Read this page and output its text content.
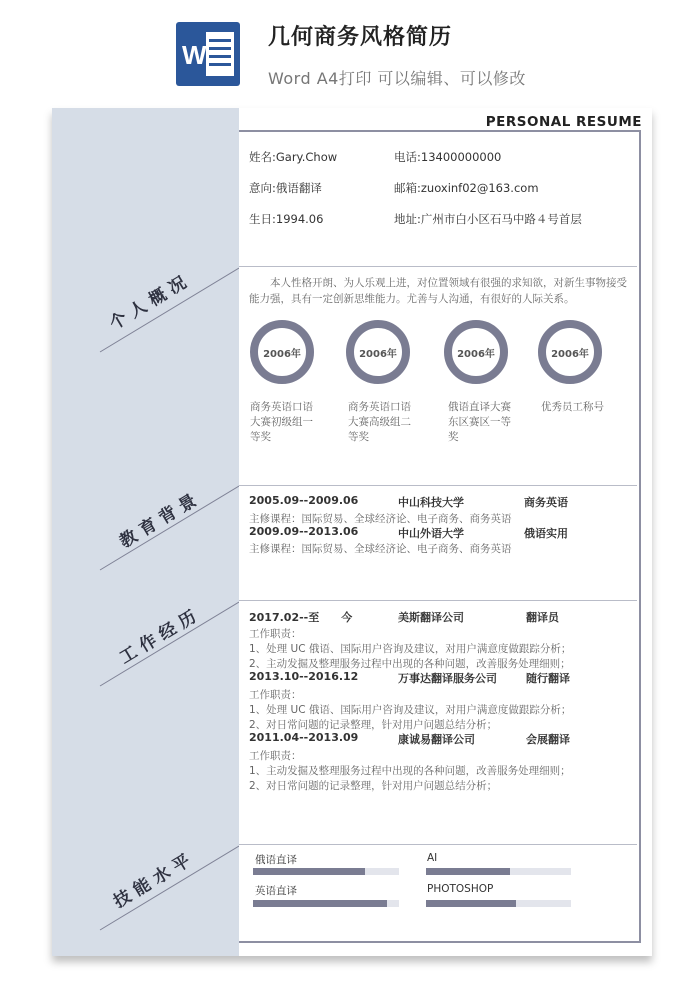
W
几何商务风格简历
Word A4打印 可以编辑、可以修改
个 人 概 况
教 育 背 景
工 作 经 历
技 能 水 平
PERSONAL RESUME
姓名:Gary.Chow	电话:13400000000
意向:俄语翻译	邮箱:zuoxinf02@163.com
生日:1994.06	地址:广州市白小区石马中路４号首层
本人性格开朗、为人乐观上进，对位置领域有很强的求知欲，对新生事物接受能力强，具有一定创新思维能力。尤善与人沟通，有很好的人际关系。
2006年	2006年	2006年	2006年
商务英语口语大赛初级组一等奖
商务英语口语大赛高级组二等奖
俄语直译大赛东区赛区一等奖
优秀员工称号
2005.09--2009.06	中山科技大学	商务英语
主修课程：国际贸易、全球经济论、电子商务、商务英语
2009.09--2013.06	中山外语大学	俄语实用
主修课程：国际贸易、全球经济论、电子商务、商务英语
2017.02--至　　今	美斯翻译公司	翻译员
工作职责：
1、处理 UC 俄语、国际用户咨询及建议，对用户满意度做跟踪分析；
2、主动发掘及整理服务过程中出现的各种问题，改善服务处理细则；
2013.10--2016.12	万事达翻译服务公司	随行翻译
工作职责：
1、处理 UC 俄语、国际用户咨询及建议，对用户满意度做跟踪分析；
2、对日常问题的记录整理，针对用户问题总结分析；
2011.04--2013.09	康诚易翻译公司	会展翻译
工作职责：
1、主动发掘及整理服务过程中出现的各种问题，改善服务处理细则；
2、对日常问题的记录整理，针对用户问题总结分析；
俄语直译	AI
英语直译	PHOTOSHOP
